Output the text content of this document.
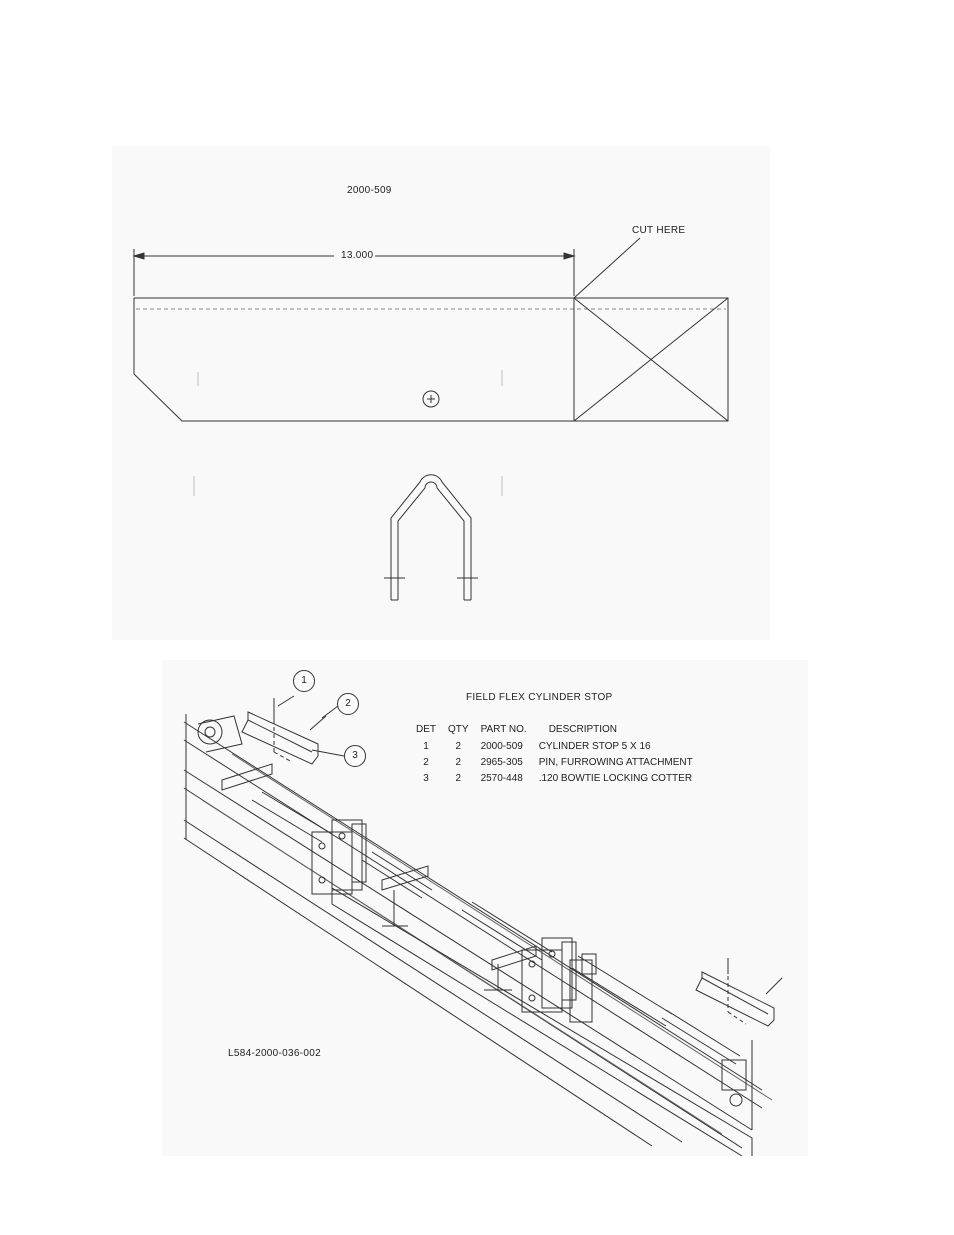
2000-509
13.000
CUT HERE
1
2
3
FIELD FLEX CYLINDER STOP
DET	QTY	PART NO.	DESCRIPTION
1	2	2000-509	CYLINDER STOP 5 X 16
2	2	2965-305	PIN, FURROWING ATTACHMENT
3	2	2570-448	.120 BOWTIE LOCKING COTTER
L584-2000-036-002
